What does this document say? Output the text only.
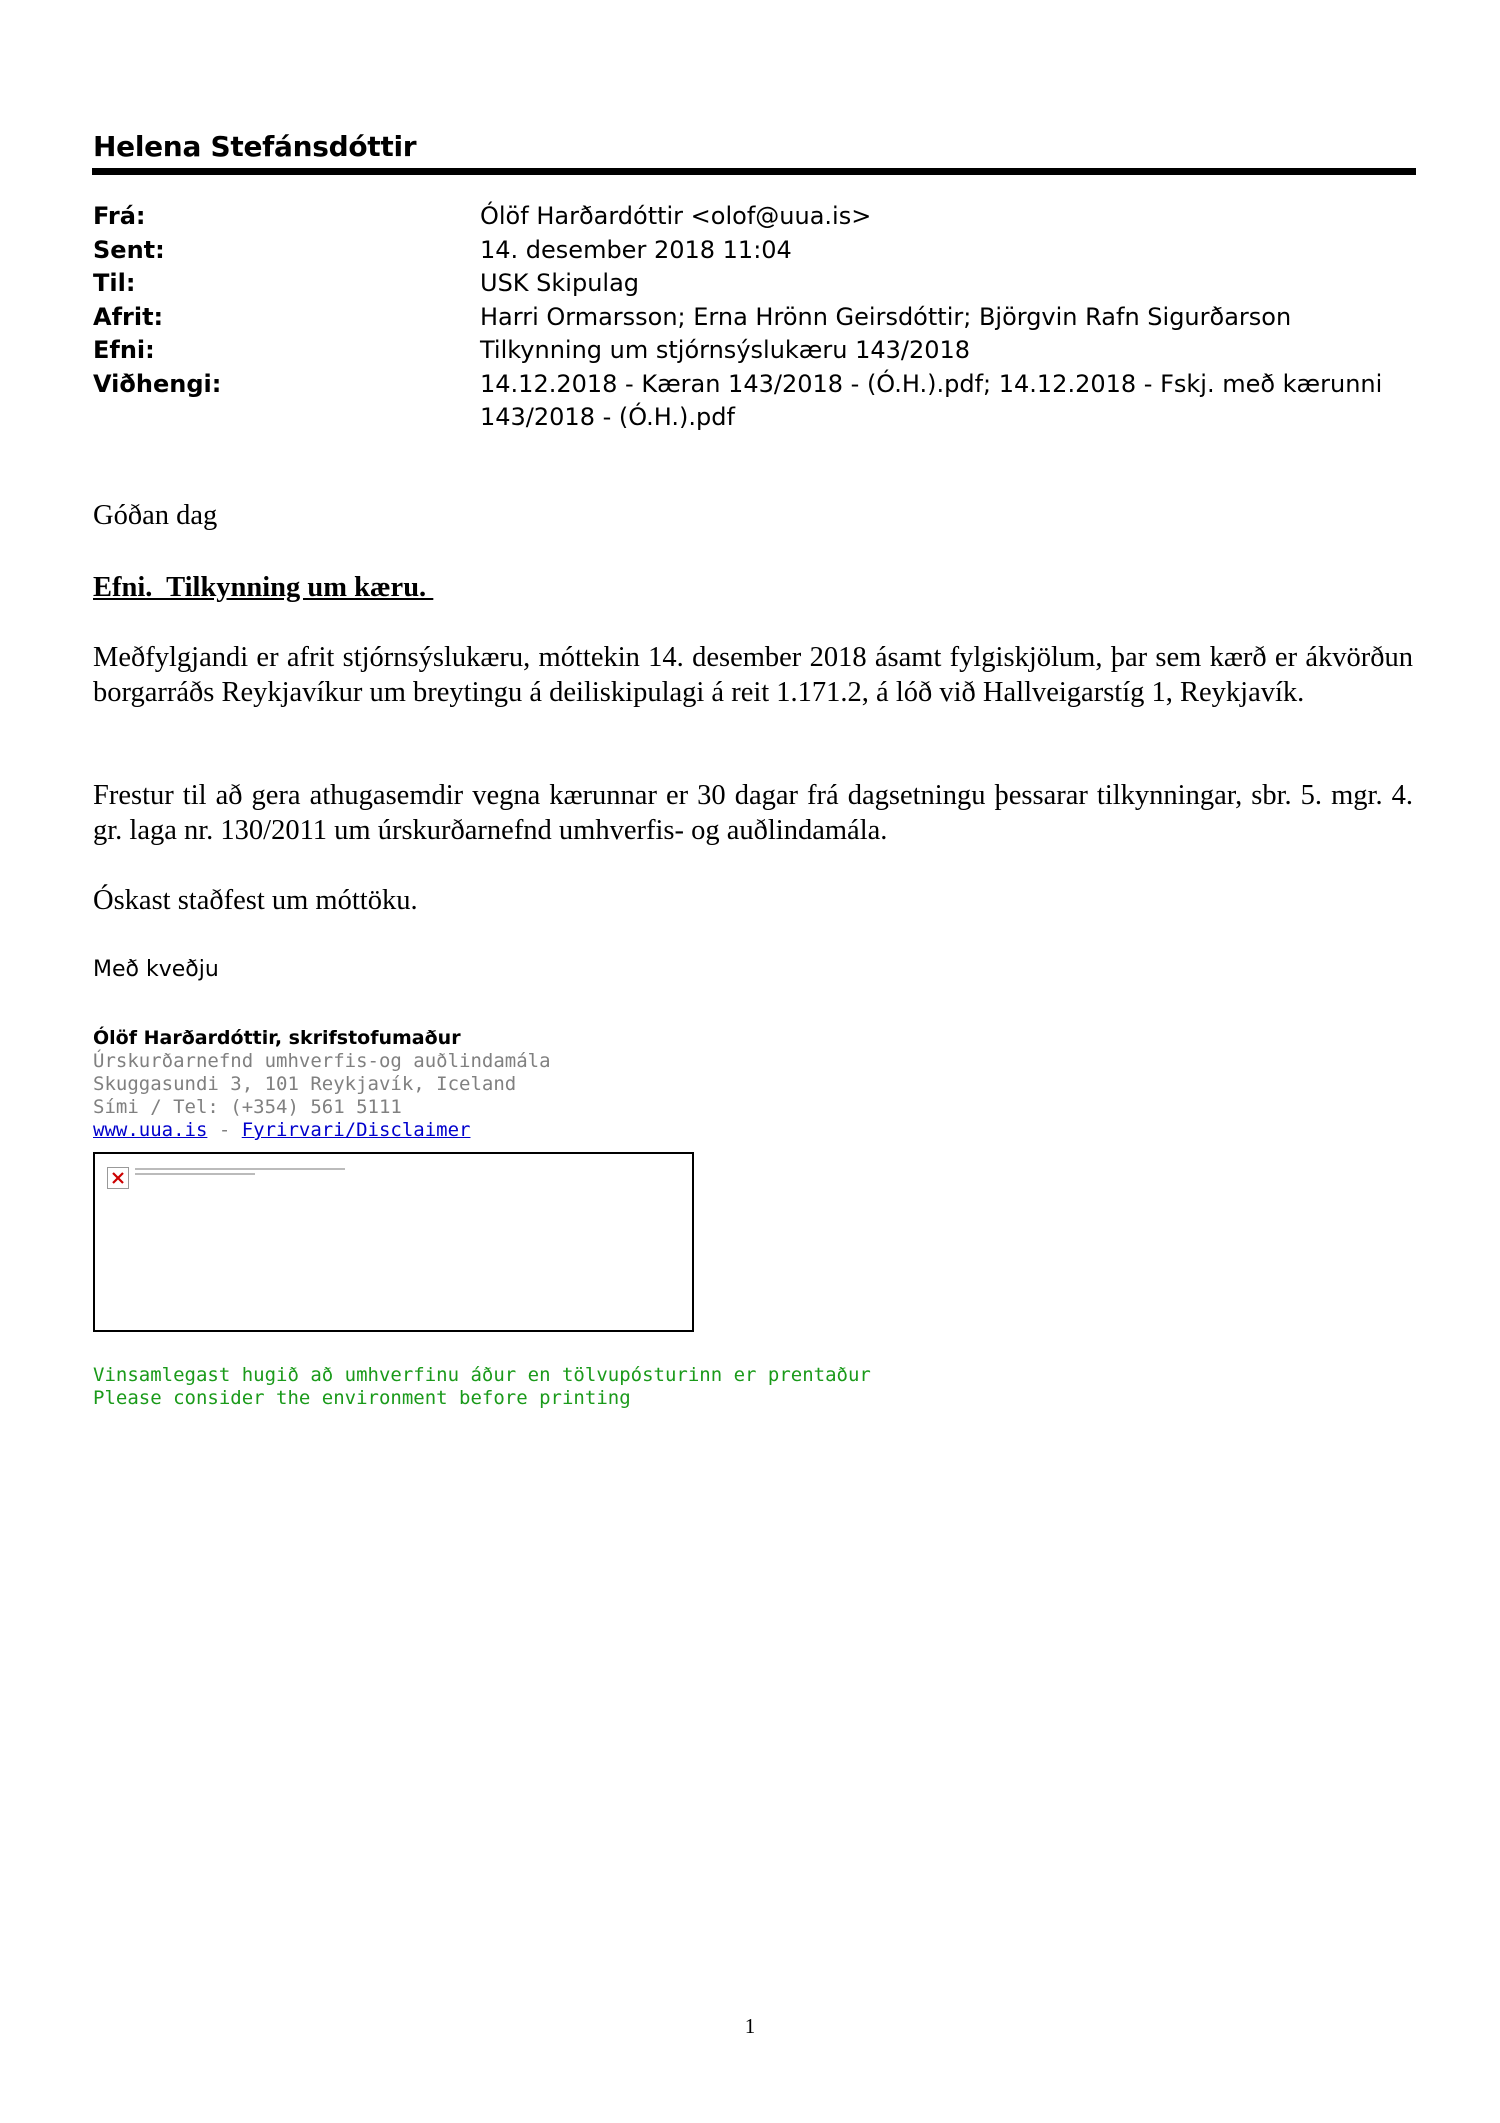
Helena Stefánsdóttir
Frá:	Ólöf Harðardóttir <olof@uua.is>
Sent:	14. desember 2018 11:04
Til:	USK Skipulag
Afrit:	Harri Ormarsson; Erna Hrönn Geirsdóttir; Björgvin Rafn Sigurðarson
Efni:	Tilkynning um stjórnsýslukæru 143/2018
Viðhengi:	14.12.2018 - Kæran 143/2018 - (Ó.H.).pdf; 14.12.2018 - Fskj. með kærunni
143/2018 - (Ó.H.).pdf
Góðan dag
Efni.  Tilkynning um kæru.

Meðfylgjandi er afrit stjórnsýslukæru, móttekin 14. desember 2018 ásamt fylgiskjölum, þar sem kærð er ákvörðun borgarráðs Reykjavíkur um breytingu á deiliskipulagi á reit 1.171.2, á lóð við Hallveigarstíg 1, Reykjavík.

Frestur til að gera athugasemdir vegna kærunnar er 30 dagar frá dagsetningu þessarar tilkynningar, sbr. 5. mgr. 4. gr. laga nr. 130/2011 um úrskurðarnefnd umhverfis- og auðlindamála.

Óskast staðfest um móttöku.

Með kveðju
Ólöf Harðardóttir, skrifstofumaður
Úrskurðarnefnd umhverfis-og auðlindamála
Skuggasundi 3, 101 Reykjavík, Iceland
Sími / Tel: (+354) 561 5111
www.uua.is - Fyrirvari/Disclaimer
Vinsamlegast hugið að umhverfinu áður en tölvupósturinn er prentaður
Please consider the environment before printing
1
